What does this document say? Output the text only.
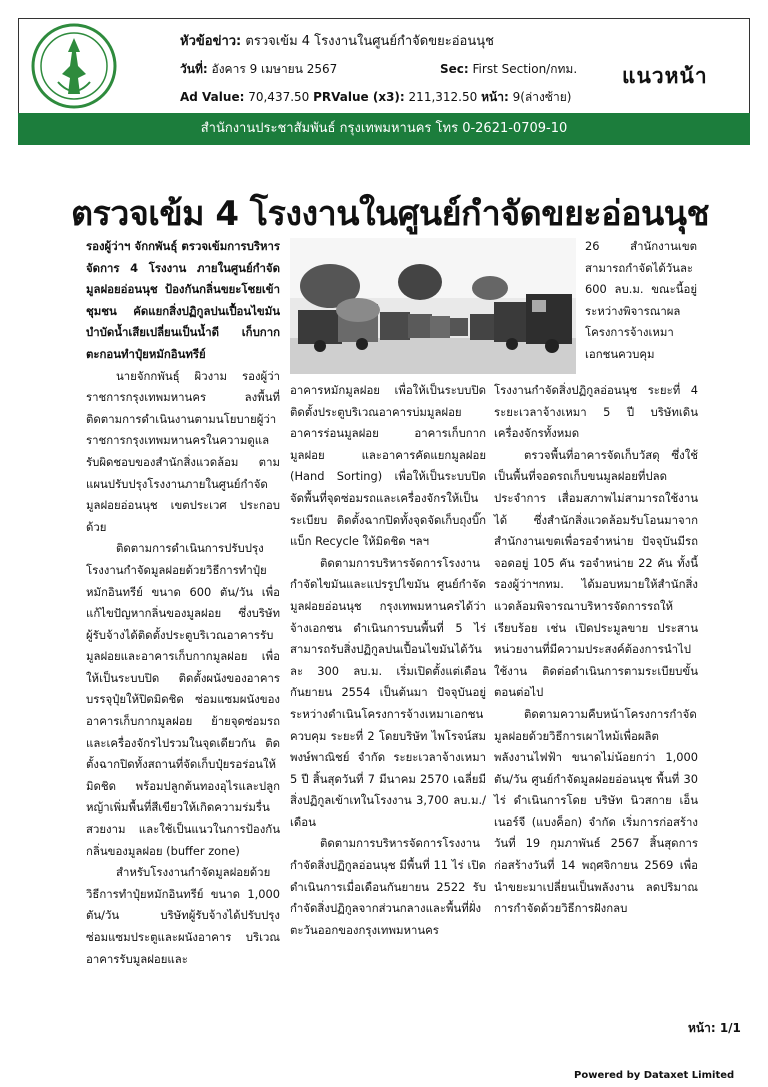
หัวข้อข่าว: ตรวจเข้ม 4 โรงงานในศูนย์กำจัดขยะอ่อนนุช
วันที่: อังคาร 9 เมษายน 2567	Sec: First Section/กทม.
Ad Value: 70,437.50 PRValue (x3): 211,312.50 หน้า: 9(ล่างซ้าย)
แนวหน้า
สำนักงานประชาสัมพันธ์ กรุงเทพมหานคร โทร 0-2621-0709-10
ตรวจเข้ม 4 โรงงานในศูนย์กำจัดขยะอ่อนนุช

รองผู้ว่าฯ จักกพันธุ์ ตรวจเข้มการบริหารจัดการ 4 โรงงาน ภายในศูนย์กำจัดมูลฝอยอ่อนนุช ป้องกันกลิ่นขยะโชยเข้าชุมชน คัดแยกสิ่งปฏิกูลปนเปื้อนไขมัน บำบัดน้ำเสียเปลี่ยนเป็นน้ำดี เก็บกากตะกอนทำปุ๋ยหมักอินทรีย์

นายจักกพันธุ์ ผิวงาม รองผู้ว่าราชการกรุงเทพมหานคร ลงพื้นที่ติดตามการดำเนินงานตามนโยบายผู้ว่าราชการกรุงเทพมหานครในความดูแลรับผิดชอบของสำนักสิ่งแวดล้อม ตามแผนปรับปรุงโรงงานภายในศูนย์กำจัดมูลฝอยอ่อนนุช เขตประเวศ ประกอบด้วย

ติดตามการดำเนินการปรับปรุงโรงงานกำจัดมูลฝอยด้วยวิธีการทำปุ๋ยหมักอินทรีย์ ขนาด 600 ตัน/วัน เพื่อแก้ไขปัญหากลิ่นของมูลฝอย ซึ่งบริษัทผู้รับจ้างได้ติดตั้งประตูบริเวณอาคารรับมูลฝอยและอาคารเก็บกากมูลฝอย เพื่อให้เป็นระบบปิด ติดตั้งผนังของอาคารบรรจุปุ๋ยให้ปิดมิดชิด ซ่อมแซมผนังของอาคารเก็บกากมูลฝอย ย้ายจุดซ่อมรถและเครื่องจักรไปรวมในจุดเดียวกัน ติดตั้งฉากปิดทั้งสถานที่จัดเก็บปุ๋ยรอร่อนให้มิดชิด พร้อมปลูกต้นทองอุไรและปลูกหญ้าเพิ่มพื้นที่สีเขียวให้เกิดความร่มรื่นสวยงาม และใช้เป็นแนวในการป้องกันกลิ่นของมูลฝอย (buffer zone)

สำหรับโรงงานกำจัดมูลฝอยด้วยวิธีการทำปุ๋ยหมักอินทรีย์ ขนาด 1,000 ตัน/วัน บริษัทผู้รับจ้างได้ปรับปรุงซ่อมแซมประตูและผนังอาคาร บริเวณอาคารรับมูลฝอยและ

26 สำนักงานเขต สามารถกำจัดได้วันละ 600 ลบ.ม. ขณะนี้อยู่ระหว่างพิจารณาผลโครงการจ้างเหมาเอกชนควบคุม

อาคารหมักมูลฝอย เพื่อให้เป็นระบบปิด ติดตั้งประตูบริเวณอาคารบ่มมูลฝอย อาคารร่อนมูลฝอย อาคารเก็บกากมูลฝอย และอาคารคัดแยกมูลฝอย (Hand Sorting) เพื่อให้เป็นระบบปิด จัดพื้นที่จุดซ่อมรถและเครื่องจักรให้เป็นระเบียบ ติดตั้งฉากปิดทั้งจุดจัดเก็บถุงบิ๊กแบ็ก Recycle ให้มิดชิด ฯลฯ

ติดตามการบริหารจัดการโรงงานกำจัดไขมันและแปรรูปไขมัน ศูนย์กำจัดมูลฝอยอ่อนนุช กรุงเทพมหานครได้ว่าจ้างเอกชน ดำเนินการบนพื้นที่ 5 ไร่ สามารถรับสิ่งปฏิกูลปนเปื้อนไขมันได้วันละ 300 ลบ.ม. เริ่มเปิดตั้งแต่เดือนกันยายน 2554 เป็นต้นมา ปัจจุบันอยู่ระหว่างดำเนินโครงการจ้างเหมาเอกชนควบคุม ระยะที่ 2 โดยบริษัท ไพโรจน์สมพงษ์พาณิชย์ จำกัด ระยะเวลาจ้างเหมา 5 ปี สิ้นสุดวันที่ 7 มีนาคม 2570 เฉลี่ยมีสิ่งปฏิกูลเข้าเทในโรงงาน 3,700 ลบ.ม./เดือน

ติดตามการบริหารจัดการโรงงานกำจัดสิ่งปฏิกูลอ่อนนุช มีพื้นที่ 11 ไร่ เปิดดำเนินการเมื่อเดือนกันยายน 2522 รับกำจัดสิ่งปฏิกูลจากส่วนกลางและพื้นที่ฝั่งตะวันออกของกรุงเทพมหานคร

โรงงานกำจัดสิ่งปฏิกูลอ่อนนุช ระยะที่ 4 ระยะเวลาจ้างเหมา 5 ปี บริษัทเดินเครื่องจักรทั้งหมด

ตรวจพื้นที่อาคารจัดเก็บวัสดุ ซึ่งใช้เป็นพื้นที่จอดรถเก็บขนมูลฝอยที่ปลดประจำการ เสื่อมสภาพไม่สามารถใช้งานได้ ซึ่งสำนักสิ่งแวดล้อมรับโอนมาจากสำนักงานเขตเพื่อรอจำหน่าย ปัจจุบันมีรถจอดอยู่ 105 คัน รอจำหน่าย 22 คัน ทั้งนี้ รองผู้ว่าฯกทม. ได้มอบหมายให้สำนักสิ่งแวดล้อมพิจารณาบริหารจัดการรถให้เรียบร้อย เช่น เปิดประมูลขาย ประสานหน่วยงานที่มีความประสงค์ต้องการนำไปใช้งาน ติดต่อดำเนินการตามระเบียบขั้นตอนต่อไป

ติดตามความคืบหน้าโครงการกำจัดมูลฝอยด้วยวิธีการเผาไหม้เพื่อผลิตพลังงานไฟฟ้า ขนาดไม่น้อยกว่า 1,000 ตัน/วัน ศูนย์กำจัดมูลฝอยอ่อนนุช พื้นที่ 30 ไร่ ดำเนินการโดย บริษัท นิวสกาย เอ็นเนอร์จี (แบงค็อก) จำกัด เริ่มการก่อสร้างวันที่ 19 กุมภาพันธ์ 2567 สิ้นสุดการก่อสร้างวันที่ 14 พฤศจิกายน 2569 เพื่อนำขยะมาเปลี่ยนเป็นพลังงาน ลดปริมาณการกำจัดด้วยวิธีการฝังกลบ

หน้า: 1/1
Powered by Dataxet Limited
